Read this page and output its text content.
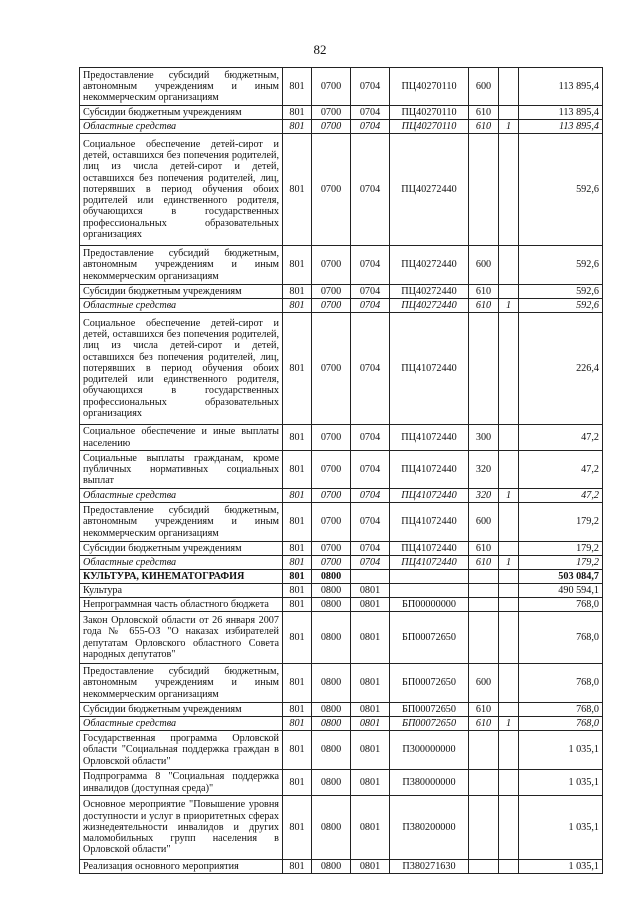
82
Предоставление субсидий бюджетным, автономным учреждениям и иным некоммерческим организациям	801	0700	0704	ПЦ40270110	600		113 895,4
Субсидии бюджетным учреждениям	801	0700	0704	ПЦ40270110	610		113 895,4
Областные средства	801	0700	0704	ПЦ40270110	610	1	113 895,4
Социальное обеспечение детей-сирот и детей, оставшихся без попечения родителей, лиц из числа детей-сирот и детей, оставшихся без попечения родителей, лиц, потерявших в период обучения обоих родителей или единственного родителя, обучающихся в государственных профессиональных образовательных организациях	801	0700	0704	ПЦ40272440			592,6
Предоставление субсидий бюджетным, автономным учреждениям и иным некоммерческим организациям	801	0700	0704	ПЦ40272440	600		592,6
Субсидии бюджетным учреждениям	801	0700	0704	ПЦ40272440	610		592,6
Областные средства	801	0700	0704	ПЦ40272440	610	1	592,6
Социальное обеспечение детей-сирот и детей, оставшихся без попечения родителей, лиц из числа детей-сирот и детей, оставшихся без попечения родителей, лиц, потерявших в период обучения обоих родителей или единственного родителя, обучающихся в государственных профессиональных образовательных организациях	801	0700	0704	ПЦ41072440			226,4
Социальное обеспечение и иные выплаты населению	801	0700	0704	ПЦ41072440	300		47,2
Социальные выплаты гражданам, кроме публичных нормативных социальных выплат	801	0700	0704	ПЦ41072440	320		47,2
Областные средства	801	0700	0704	ПЦ41072440	320	1	47,2
Предоставление субсидий бюджетным, автономным учреждениям и иным некоммерческим организациям	801	0700	0704	ПЦ41072440	600		179,2
Субсидии бюджетным учреждениям	801	0700	0704	ПЦ41072440	610		179,2
Областные средства	801	0700	0704	ПЦ41072440	610	1	179,2
КУЛЬТУРА, КИНЕМАТОГРАФИЯ	801	0800					503 084,7
Культура	801	0800	0801				490 594,1
Непрограммная часть областного бюджета	801	0800	0801	БП00000000			768,0
Закон Орловской области от 26 января 2007 года № 655-ОЗ "О наказах избирателей депутатам Орловского областного Совета народных депутатов"	801	0800	0801	БП00072650			768,0
Предоставление субсидий бюджетным, автономным учреждениям и иным некоммерческим организациям	801	0800	0801	БП00072650	600		768,0
Субсидии бюджетным учреждениям	801	0800	0801	БП00072650	610		768,0
Областные средства	801	0800	0801	БП00072650	610	1	768,0
Государственная программа Орловской области "Социальная поддержка граждан в Орловской области"	801	0800	0801	П300000000			1 035,1
Подпрограмма 8 "Социальная поддержка инвалидов (доступная среда)"	801	0800	0801	П380000000			1 035,1
Основное мероприятие "Повышение уровня доступности и услуг в приоритетных сферах жизнедеятельности инвалидов и других маломобильных групп населения в Орловской области"	801	0800	0801	П380200000			1 035,1
Реализация основного мероприятия	801	0800	0801	П380271630			1 035,1
